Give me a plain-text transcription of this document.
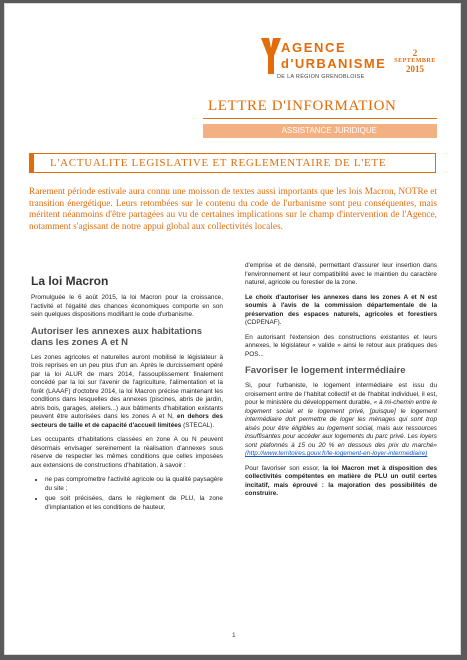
AGENCE
d'URBANISME
DE LA RÉGION GRENOBLOISE
2
SEPTEMBRE
2015
LETTRE D'INFORMATION
ASSISTANCE JURIDIQUE
L'ACTUALITE LEGISLATIVE ET REGLEMENTAIRE DE L'ETE

Rarement période estivale aura connu une moisson de textes aussi importants que les lois Macron, NOTRe et transition énergétique. Leurs retombées sur le contenu du code de l'urbanisme sont peu conséquentes, mais méritent néanmoins d'être partagées au vu de certaines implications sur le champ d'intervention de l'Agence, notamment s'agissant de notre appui global aux collectivités locales.

La loi Macron

Promulguée le 6 août 2015, la loi Macron pour la croissance, l'activité et l'égalité des chances économiques comporte en son sein quelques dispositions modifiant le code d'urbanisme.

Autoriser les annexes aux habitations dans les zones A et N

Les zones agricoles et naturelles auront mobilisé le législateur à trois reprises en un peu plus d'un an. Après le durcissement opéré par la loi ALUR de mars 2014, l'assouplissement finalement concédé par la loi sur l'avenir de l'agriculture, l'alimentation et la forêt (LAAAF) d'octobre 2014, la loi Macron précise maintenant les conditions dans lesquelles des annexes (piscines, abris de jardin, abris bois, garages, ateliers...) aux bâtiments d'habitation existants peuvent être autorisées dans les zones A et N, en dehors des secteurs de taille et de capacité d'accueil limitées (STECAL).

Les occupants d'habitations classées en zone A ou N peuvent désormais envisager sereinement la réalisation d'annexes sous réserve de respecter les mêmes conditions que celles imposées aux extensions de constructions d'habitation, à savoir :

• ne pas compromettre l'activité agricole ou la qualité paysagère du site ;
• que soit précisées, dans le règlement de PLU, la zone d'implantation et les conditions de hauteur,

d'emprise et de densité, permettant d'assurer leur insertion dans l'environnement et leur compatibilité avec le maintien du caractère naturel, agricole ou forestier de la zone.

Le choix d'autoriser les annexes dans les zones A et N est soumis à l'avis de la commission départementale de la préservation des espaces naturels, agricoles et forestiers (CDPENAF).

En autorisant l'extension des constructions existantes et leurs annexes, le législateur « valide » ainsi le retour aux pratiques des POS...

Favoriser le logement intermédiaire

Si, pour l'urbaniste, le logement intermédiaire est issu du croisement entre de l'habitat collectif et de l'habitat individuel, il est, pour le ministère du développement durable, « à mi-chemin entre le logement social et le logement privé, [puisque] le logement intermédiaire doit permettre de loger les ménages qui sont trop aisés pour être éligibles au logement social, mais aux ressources insuffisantes pour accéder aux logements du parc privé. Les loyers sont plafonnés à 15 ou 20 % en dessous des prix du marché» (http://www.territoires.gouv.fr/le-logement-en-loyer-intermediaire)

Pour favoriser son essor, la loi Macron met à disposition des collectivités compétentes en matière de PLU un outil certes incitatif, mais éprouvé : la majoration des possibilités de construire.

1
